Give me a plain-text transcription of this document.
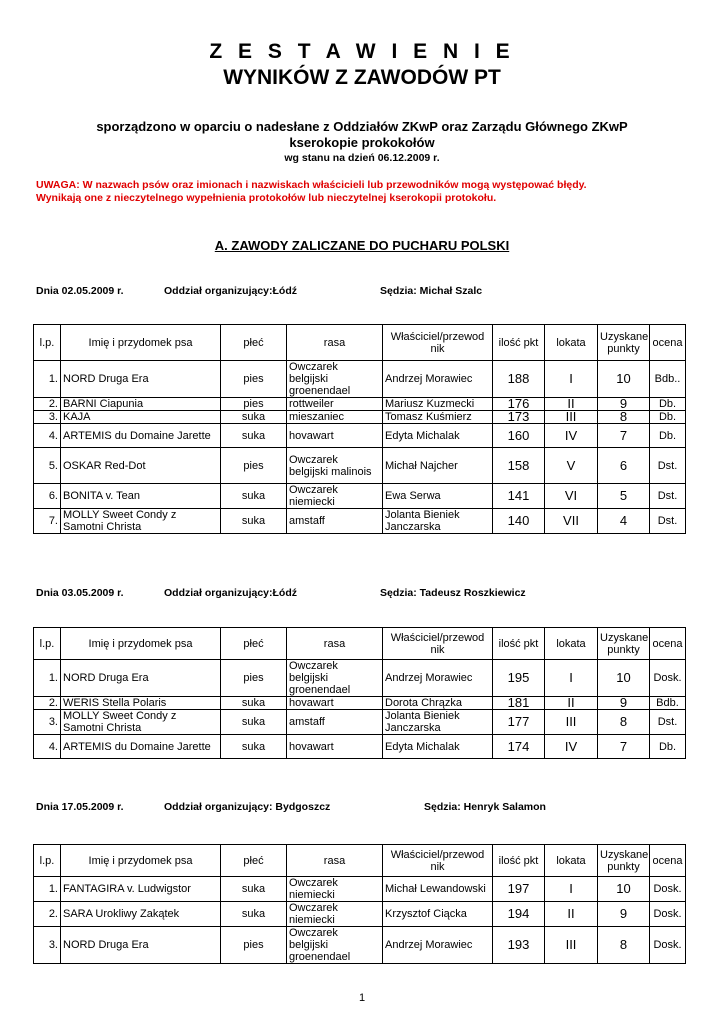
Z E S T A W I E N I E
WYNIKÓW Z ZAWODÓW PT
sporządzono w oparciu o nadesłane z Oddziałów ZKwP oraz Zarządu Głównego ZKwP
kserokopie prokokołów
wg stanu na dzień 06.12.2009 r.
UWAGA: W nazwach psów oraz imionach i nazwiskach właścicieli lub przewodników mogą występować błędy.
Wynikają one z nieczytelnego wypełnienia protokołów lub nieczytelnej kserokopii protokołu.
A. ZAWODY ZALICZANE DO PUCHARU POLSKI
Dnia 02.05.2009 r.	Oddział organizujący:Łódź	Sędzia: Michał Szalc
l.p.	Imię i przydomek psa	płeć	rasa	Właściciel/przewod nik	ilość pkt	lokata	Uzyskane punkty	ocena
1.	NORD Druga Era	pies	Owczarek belgijski groenendael	Andrzej Morawiec	188	I	10	Bdb..
2.	BARNI Ciapunia	pies	rottweiler	Mariusz Kuzmecki	176	II	9	Db.
3.	KAJA	suka	mieszaniec	Tomasz Kuśmierz	173	III	8	Db.
4.	ARTEMIS du Domaine Jarette	suka	hovawart	Edyta Michalak	160	IV	7	Db.
5.	OSKAR Red-Dot	pies	Owczarek belgijski malinois	Michał Najcher	158	V	6	Dst.
6.	BONITA v. Tean	suka	Owczarek niemiecki	Ewa Serwa	141	VI	5	Dst.
7.	MOLLY Sweet Condy z Samotni Christa	suka	amstaff	Jolanta Bieniek Janczarska	140	VII	4	Dst.
Dnia 03.05.2009 r.	Oddział organizujący:Łódź	Sędzia: Tadeusz Roszkiewicz
l.p.	Imię i przydomek psa	płeć	rasa	Właściciel/przewod nik	ilość pkt	lokata	Uzyskane punkty	ocena
1.	NORD Druga Era	pies	Owczarek belgijski groenendael	Andrzej Morawiec	195	I	10	Dosk.
2.	WERIS Stella Polaris	suka	hovawart	Dorota Chrązka	181	II	9	Bdb.
3.	MOLLY Sweet Condy z Samotni Christa	suka	amstaff	Jolanta Bieniek Janczarska	177	III	8	Dst.
4.	ARTEMIS du Domaine Jarette	suka	hovawart	Edyta Michalak	174	IV	7	Db.
Dnia 17.05.2009 r.	Oddział organizujący: Bydgoszcz	Sędzia: Henryk Salamon
l.p.	Imię i przydomek psa	płeć	rasa	Właściciel/przewod nik	ilość pkt	lokata	Uzyskane punkty	ocena
1.	FANTAGIRA v. Ludwigstor	suka	Owczarek niemiecki	Michał Lewandowski	197	I	10	Dosk.
2.	SARA Urokliwy Zakątek	suka	Owczarek niemiecki	Krzysztof Ciącka	194	II	9	Dosk.
3.	NORD Druga Era	pies	Owczarek belgijski groenendael	Andrzej Morawiec	193	III	8	Dosk.
1
